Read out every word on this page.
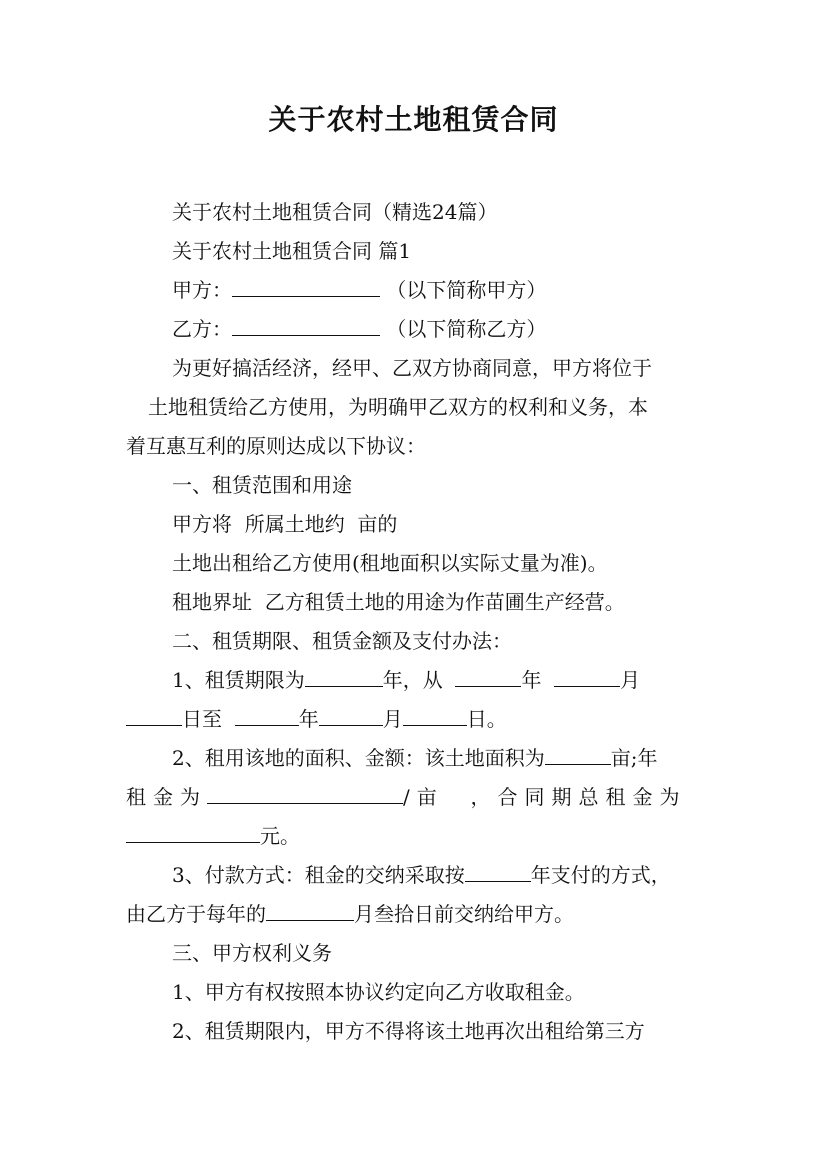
关于农村土地租赁合同
关于农村土地租赁合同（精选24篇）
关于农村土地租赁合同 篇1
甲方：	（以下简称甲方）
乙方：	（以下简称乙方）
为更好搞活经济，经甲、乙双方协商同意，甲方将位于
土地租赁给乙方使用，为明确甲乙双方的权利和义务，本
着互惠互利的原则达成以下协议：
一、租赁范围和用途
甲方将  所属土地约  亩的
土地出租给乙方使用(租地面积以实际丈量为准)。
租地界址  乙方租赁土地的用途为作苗圃生产经营。
二、租赁期限、租赁金额及支付办法：
1、租赁期限为	年，从	年	月
日至	年	月	日。
2、租用该地的面积、金额：该土地面积为	亩;年
租金为	/亩  ，合同期总租金为
元。
3、付款方式：租金的交纳采取按	年支付的方式，
由乙方于每年的	月叁拾日前交纳给甲方。
三、甲方权利义务
1、甲方有权按照本协议约定向乙方收取租金。
2、租赁期限内，甲方不得将该土地再次出租给第三方
